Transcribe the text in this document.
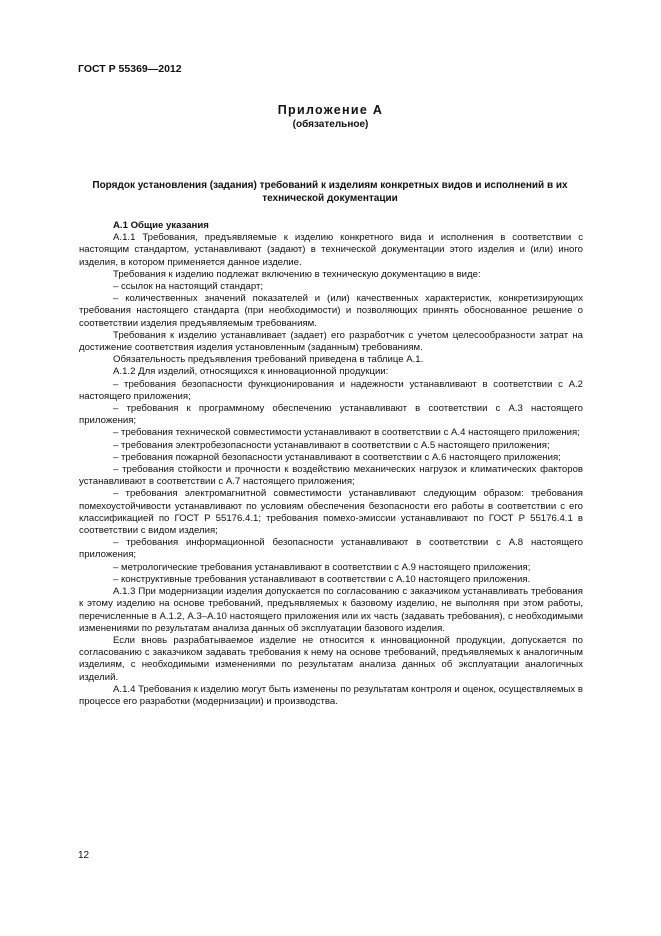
ГОСТ Р 55369—2012
Приложение А
(обязательное)
Порядок установления (задания) требований к изделиям конкретных видов и исполнений в их технической документации

А.1 Общие указания

А.1.1 Требования, предъявляемые к изделию конкретного вида и исполнения в соответствии с настоящим стандартом, устанавливают (задают) в технической документации этого изделия и (или) иного изделия, в котором применяется данное изделие.

Требования к изделию подлежат включению в техническую документацию в виде:

– ссылок на настоящий стандарт;

– количественных значений показателей и (или) качественных характеристик, конкретизирующих требования настоящего стандарта (при необходимости) и позволяющих принять обоснованное решение о соответствии изделия предъявляемым требованиям.

Требования к изделию устанавливает (задает) его разработчик с учетом целесообразности затрат на достижение соответствия изделия установленным (заданным) требованиям.

Обязательность предъявления требований приведена в таблице А.1.

А.1.2 Для изделий, относящихся к инновационной продукции:

– требования безопасности функционирования и надежности устанавливают в соответствии с А.2 настоящего приложения;

– требования к программному обеспечению устанавливают в соответствии с А.3 настоящего приложения;

– требования технической совместимости устанавливают в соответствии с А.4 настоящего приложения;

– требования электробезопасности устанавливают в соответствии с А.5 настоящего приложения;

– требования пожарной безопасности устанавливают в соответствии с А.6 настоящего приложения;

– требования стойкости и прочности к воздействию механических нагрузок и климатических факторов устанавливают в соответствии с А.7 настоящего приложения;

– требования электромагнитной совместимости устанавливают следующим образом: требования помехоустойчивости устанавливают по условиям обеспечения безопасности его работы в соответствии с его классификацией по ГОСТ Р 55176.4.1; требования помехо-эмиссии устанавливают по ГОСТ Р 55176.4.1 в соответствии с видом изделия;

– требования информационной безопасности устанавливают в соответствии с А.8 настоящего приложения;

– метрологические требования устанавливают в соответствии с А.9 настоящего приложения;

– конструктивные требования устанавливают в соответствии с А.10 настоящего приложения.

А.1.3 При модернизации изделия допускается по согласованию с заказчиком устанавливать требования к этому изделию на основе требований, предъявляемых к базовому изделию, не выполняя при этом работы, перечисленные в А.1.2, А.3–А.10 настоящего приложения или их часть (задавать требования), с необходимыми изменениями по результатам анализа данных об эксплуатации базового изделия.

Если вновь разрабатываемое изделие не относится к инновационной продукции, допускается по согласованию с заказчиком задавать требования к нему на основе требований, предъявляемых к аналогичным изделиям, с необходимыми изменениями по результатам анализа данных об эксплуатации аналогичных изделий.

А.1.4 Требования к изделию могут быть изменены по результатам контроля и оценок, осуществляемых в процессе его разработки (модернизации) и производства.

12
